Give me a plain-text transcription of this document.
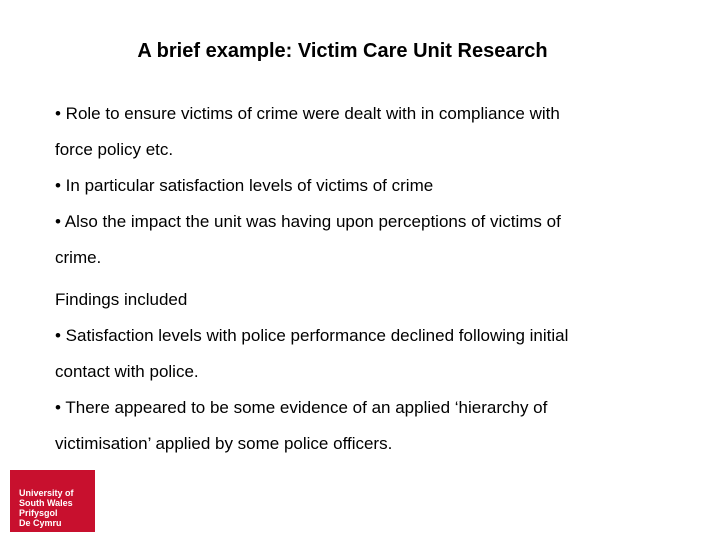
A brief example: Victim Care Unit Research
• Role to ensure victims of crime were dealt with in compliance with
force policy etc.
• In particular satisfaction levels of victims of crime
• Also the impact the unit was having upon perceptions of victims of
crime.
Findings included
• Satisfaction levels with police performance declined following initial
contact with police.
• There appeared to be some evidence of an applied ‘hierarchy of
victimisation’ applied by some police officers.
University of
South Wales
Prifysgol
De Cymru
